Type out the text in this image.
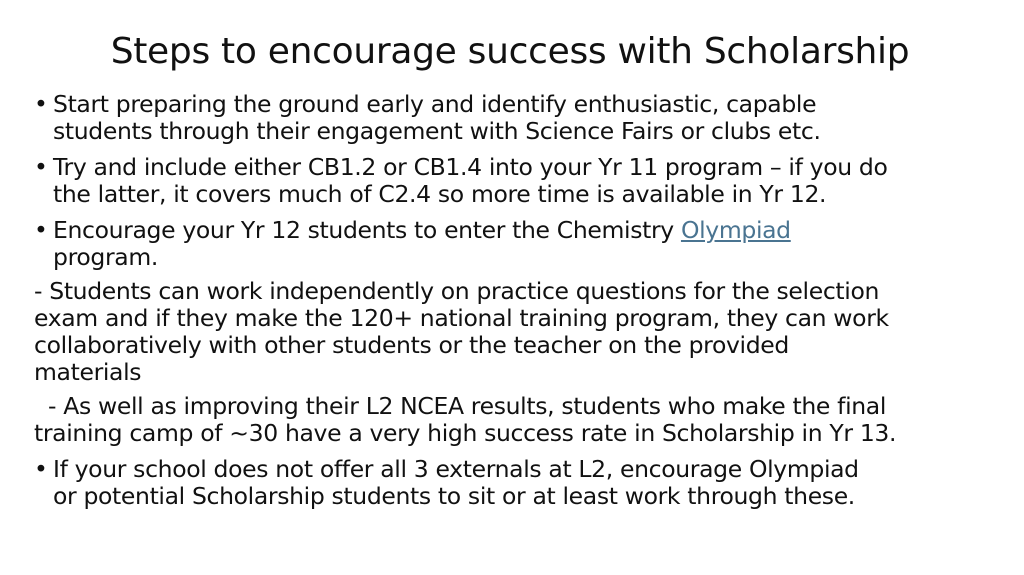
Steps to encourage success with Scholarship
• Start preparing the ground early and identify enthusiastic, capable
students through their engagement with Science Fairs or clubs etc.
• Try and include either CB1.2 or CB1.4 into your Yr 11 program – if you do
the latter, it covers much of C2.4 so more time is available in Yr 12.
• Encourage your Yr 12 students to enter the Chemistry Olympiad
program.
- Students can work independently on practice questions for the selection
exam and if they make the 120+ national training program, they can work
collaboratively with other students or the teacher on the provided
materials
- As well as improving their L2 NCEA results, students who make the final
training camp of ~30 have a very high success rate in Scholarship in Yr 13.
• If your school does not offer all 3 externals at L2, encourage Olympiad
or potential Scholarship students to sit or at least work through these.
